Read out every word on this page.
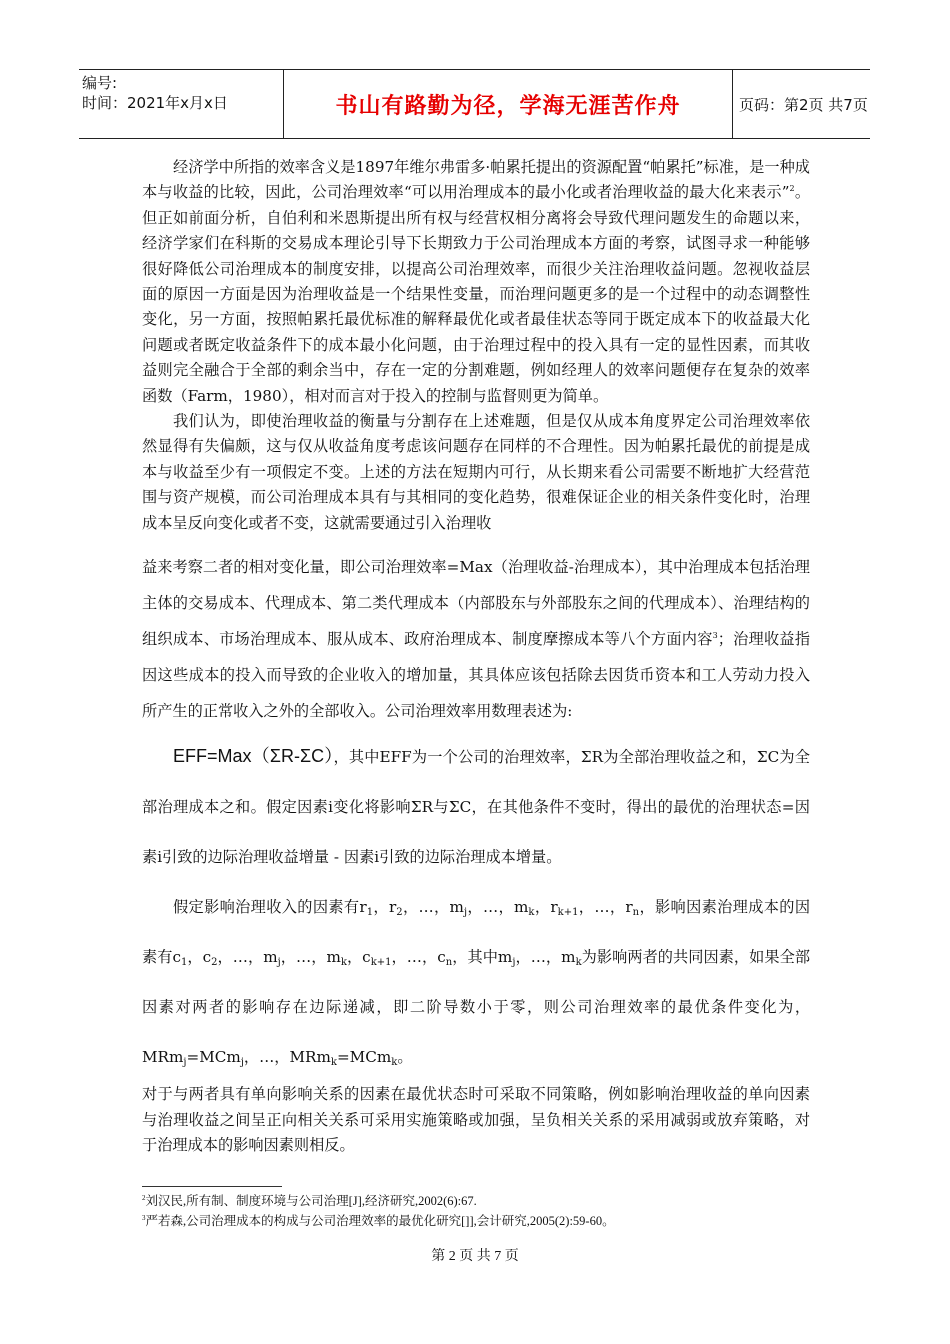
编号:
时间：2021年x月x日	书山有路勤为径，学海无涯苦作舟	页码：第2页 共7页

经济学中所指的效率含义是1897年维尔弗雷多·帕累托提出的资源配置“帕累托”标准，是一种成本与收益的比较，因此，公司治理效率“可以用治理成本的最小化或者治理收益的最大化来表示”$^2$。但正如前面分析，自伯利和米恩斯提出所有权与经营权相分离将会导致代理问题发生的命题以来，经济学家们在科斯的交易成本理论引导下长期致力于公司治理成本方面的考察，试图寻求一种能够很好降低公司治理成本的制度安排，以提高公司治理效率，而很少关注治理收益问题。忽视收益层面的原因一方面是因为治理收益是一个结果性变量，而治理问题更多的是一个过程中的动态调整性变化，另一方面，按照帕累托最优标准的解释最优化或者最佳状态等同于既定成本下的收益最大化问题或者既定收益条件下的成本最小化问题，由于治理过程中的投入具有一定的显性因素，而其收益则完全融合于全部的剩余当中，存在一定的分割难题，例如经理人的效率问题便存在复杂的效率函数（Farm，1980），相对而言对于投入的控制与监督则更为简单。

我们认为，即使治理收益的衡量与分割存在上述难题，但是仅从成本角度界定公司治理效率依然显得有失偏颇，这与仅从收益角度考虑该问题存在同样的不合理性。因为帕累托最优的前提是成本与收益至少有一项假定不变。上述的方法在短期内可行，从长期来看公司需要不断地扩大经营范围与资产规模，而公司治理成本具有与其相同的变化趋势，很难保证企业的相关条件变化时，治理成本呈反向变化或者不变，这就需要通过引入治理收

益来考察二者的相对变化量，即公司治理效率=Max（治理收益-治理成本），其中治理成本包括治理主体的交易成本、代理成本、第二类代理成本（内部股东与外部股东之间的代理成本）、治理结构的组织成本、市场治理成本、服从成本、政府治理成本、制度摩擦成本等八个方面内容$^3$；治理收益指因这些成本的投入而导致的企业收入的增加量，其具体应该包括除去因货币资本和工人劳动力投入所产生的正常收入之外的全部收入。公司治理效率用数理表述为:

EFF=Max（ΣR-ΣC），其中EFF为一个公司的治理效率，ΣR为全部治理收益之和，ΣC为全部治理成本之和。假定因素i变化将影响ΣR与ΣC，在其他条件不变时，得出的最优的治理状态=因素i引致的边际治理收益增量 - 因素i引致的边际治理成本增量。

假定影响治理收入的因素有$r_1$，$r_2$，…，$m_j$，…，$m_k$，$r_{k+1}$，…，$r_n$，影响因素治理成本的因素有$c_1$，$c_2$，…，$m_j$，…，$m_k$，$c_{k+1}$，…，$c_n$，其中$m_j$，…，$m_k$为影响两者的共同因素，如果全部因素对两者的影响存在边际递减，即二阶导数小于零，则公司治理效率的最优条件变化为，MRm$_j$=MCm$_j$，…，MRm$_k$=MCm$_k$。

对于与两者具有单向影响关系的因素在最优状态时可采取不同策略，例如影响治理收益的单向因素与治理收益之间呈正向相关关系可采用实施策略或加强，呈负相关关系的采用减弱或放弃策略，对于治理成本的影响因素则相反。

$^2$刘汉民,所有制、制度环境与公司治理[J],经济研究,2002(6):67.
$^3$严若森,公司治理成本的构成与公司治理效率的最优化研究[]],会计研究,2005(2):59-60。
第 2 页 共 7 页
